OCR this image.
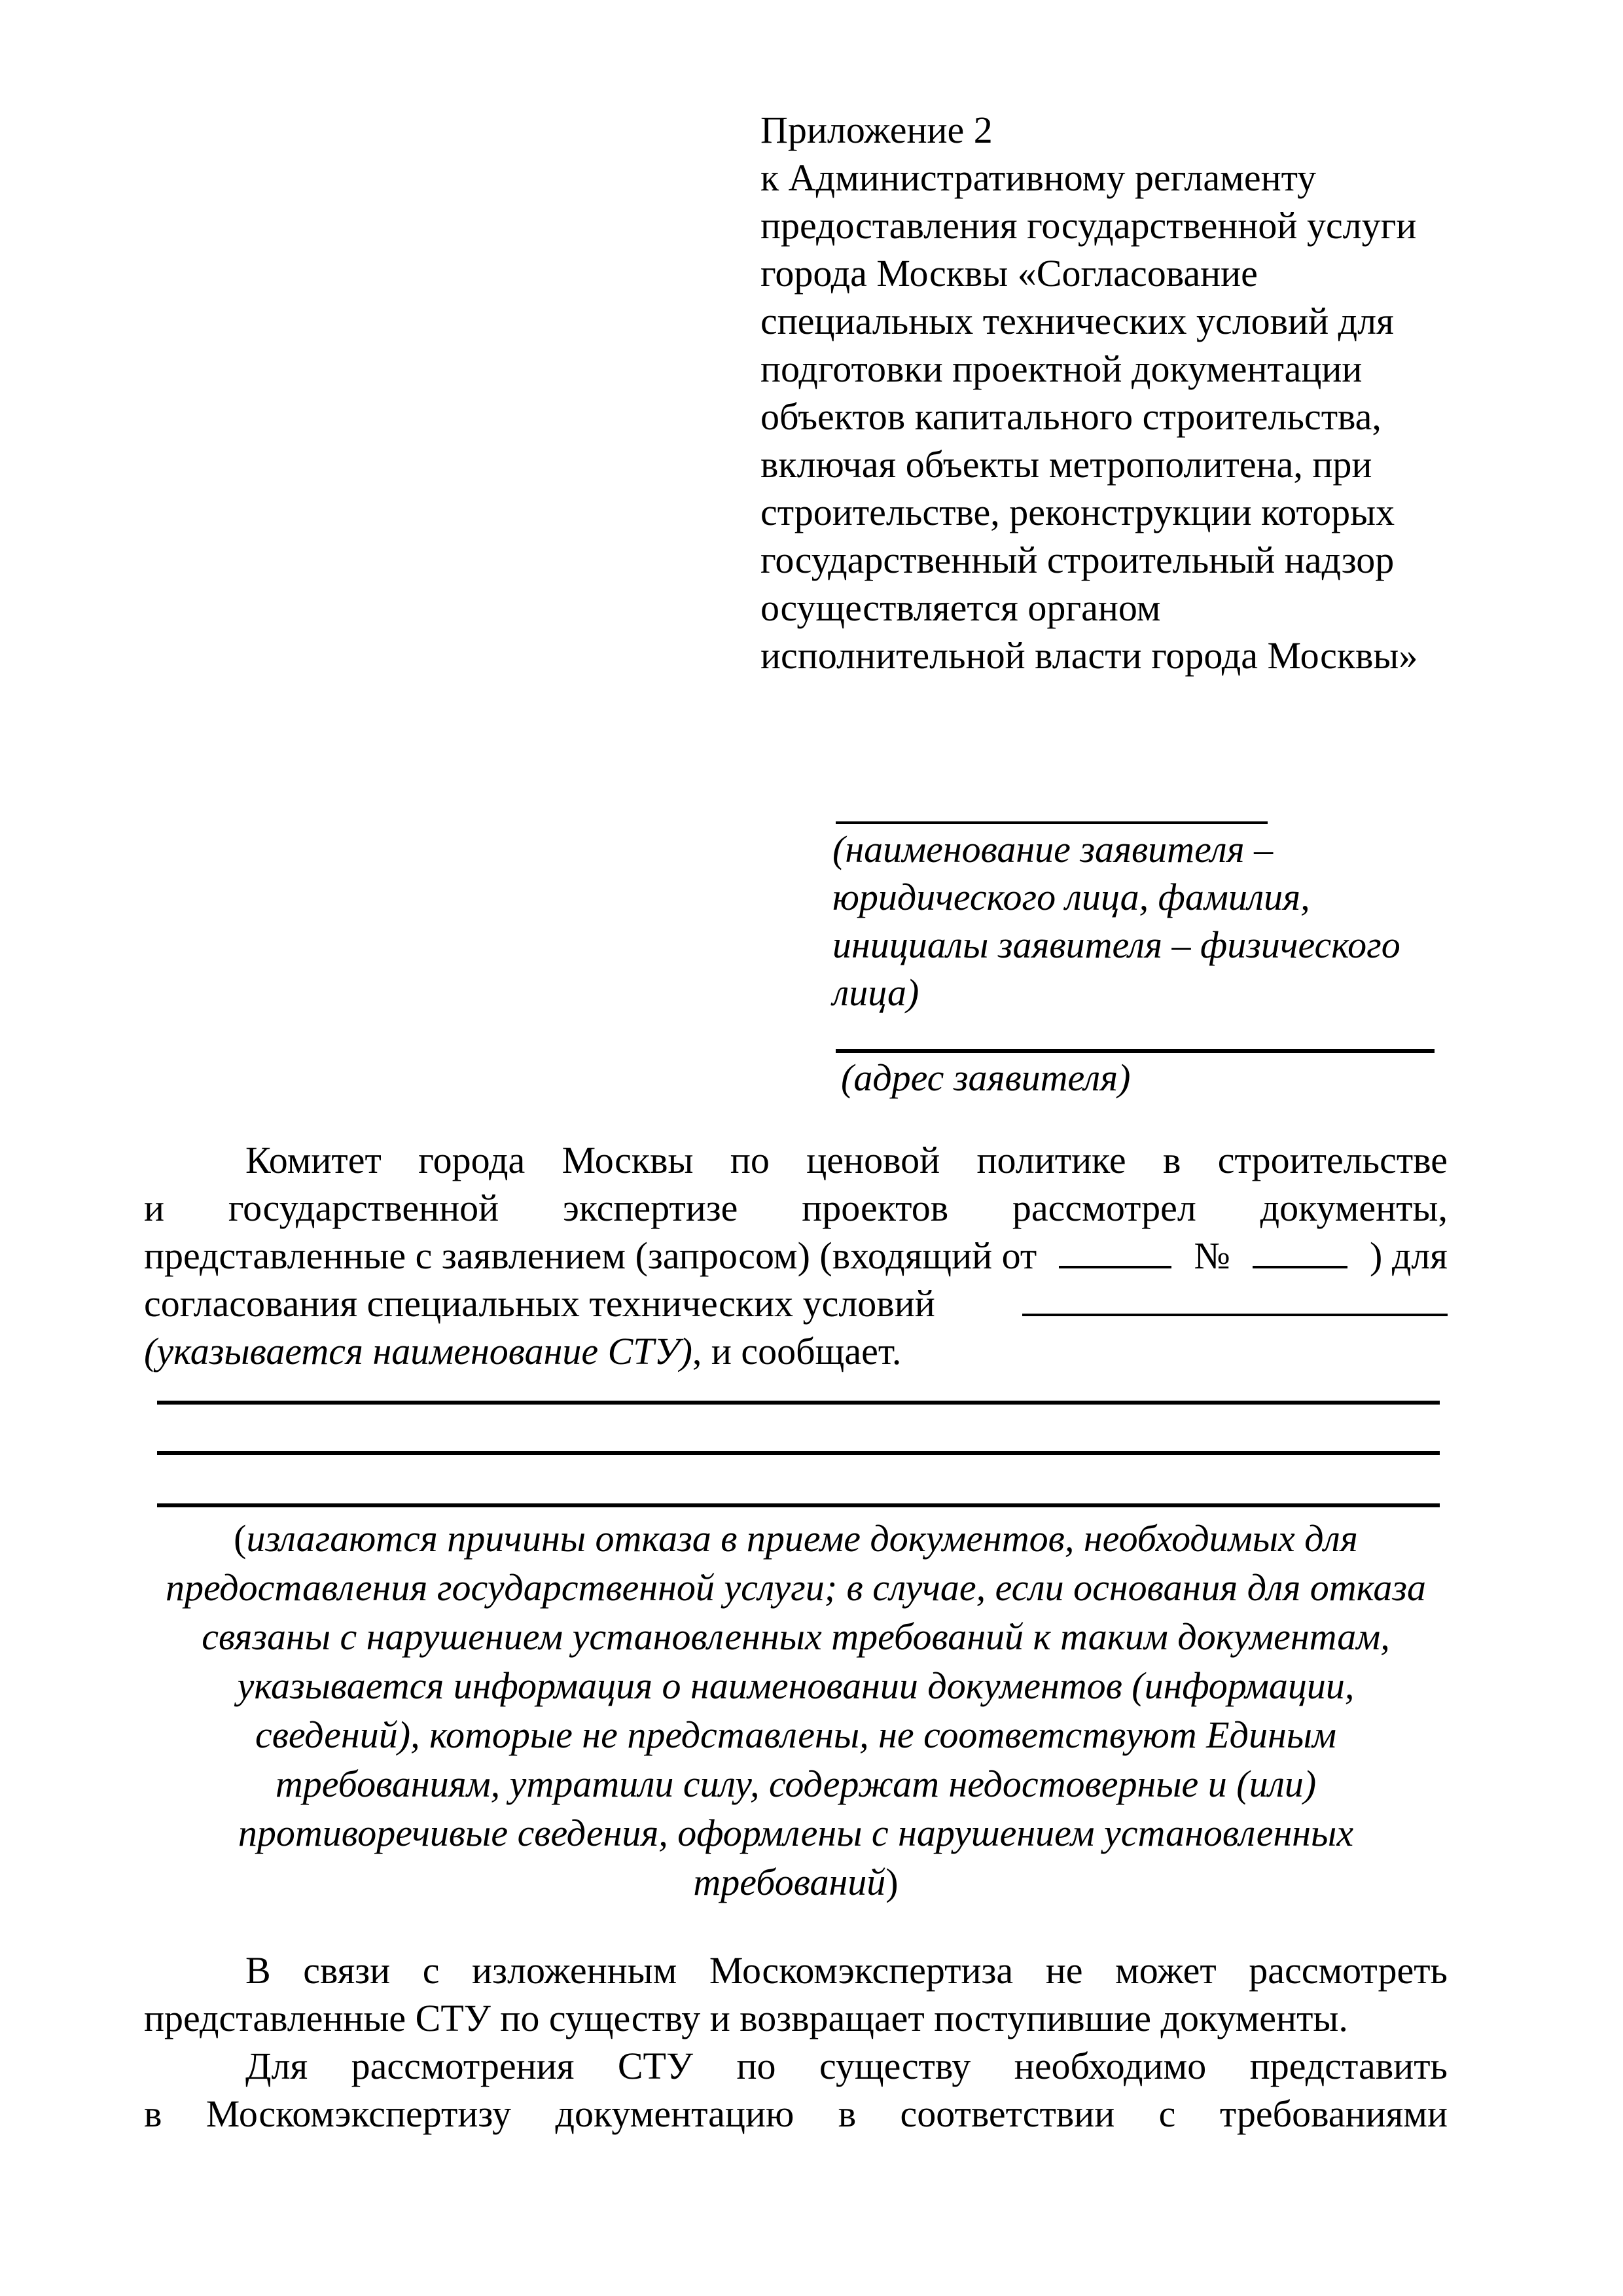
Приложение 2
к Административному регламенту
предоставления государственной услуги
города Москвы «Согласование
специальных технических условий для
подготовки проектной документации
объектов капитального строительства,
включая объекты метрополитена, при
строительстве, реконструкции которых
государственный строительный надзор
осуществляется органом
исполнительной власти города Москвы»
(наименование заявителя –
юридического лица, фамилия,
инициалы заявителя – физического
лица)
(адрес заявителя)
Комитет города Москвы по ценовой политике в строительстве
и государственной экспертизе проектов рассмотрел документы,
представленные с заявлением (запросом) (входящий от	№	) для
согласования специальных технических условий
(указывается наименование СТУ), и сообщает.
(излагаются причины отказа в приеме документов, необходимых для
предоставления государственной услуги; в случае, если основания для отказа
связаны с нарушением установленных требований к таким документам,
указывается информация о наименовании документов (информации,
сведений), которые не представлены, не соответствуют Единым
требованиям, утратили силу, содержат недостоверные и (или)
противоречивые сведения, оформлены с нарушением установленных
требований)
В связи с изложенным Москомэкспертиза не может рассмотреть
представленные СТУ по существу и возвращает поступившие документы.
Для рассмотрения СТУ по существу необходимо представить
в Москомэкспертизу документацию в соответствии с требованиями
